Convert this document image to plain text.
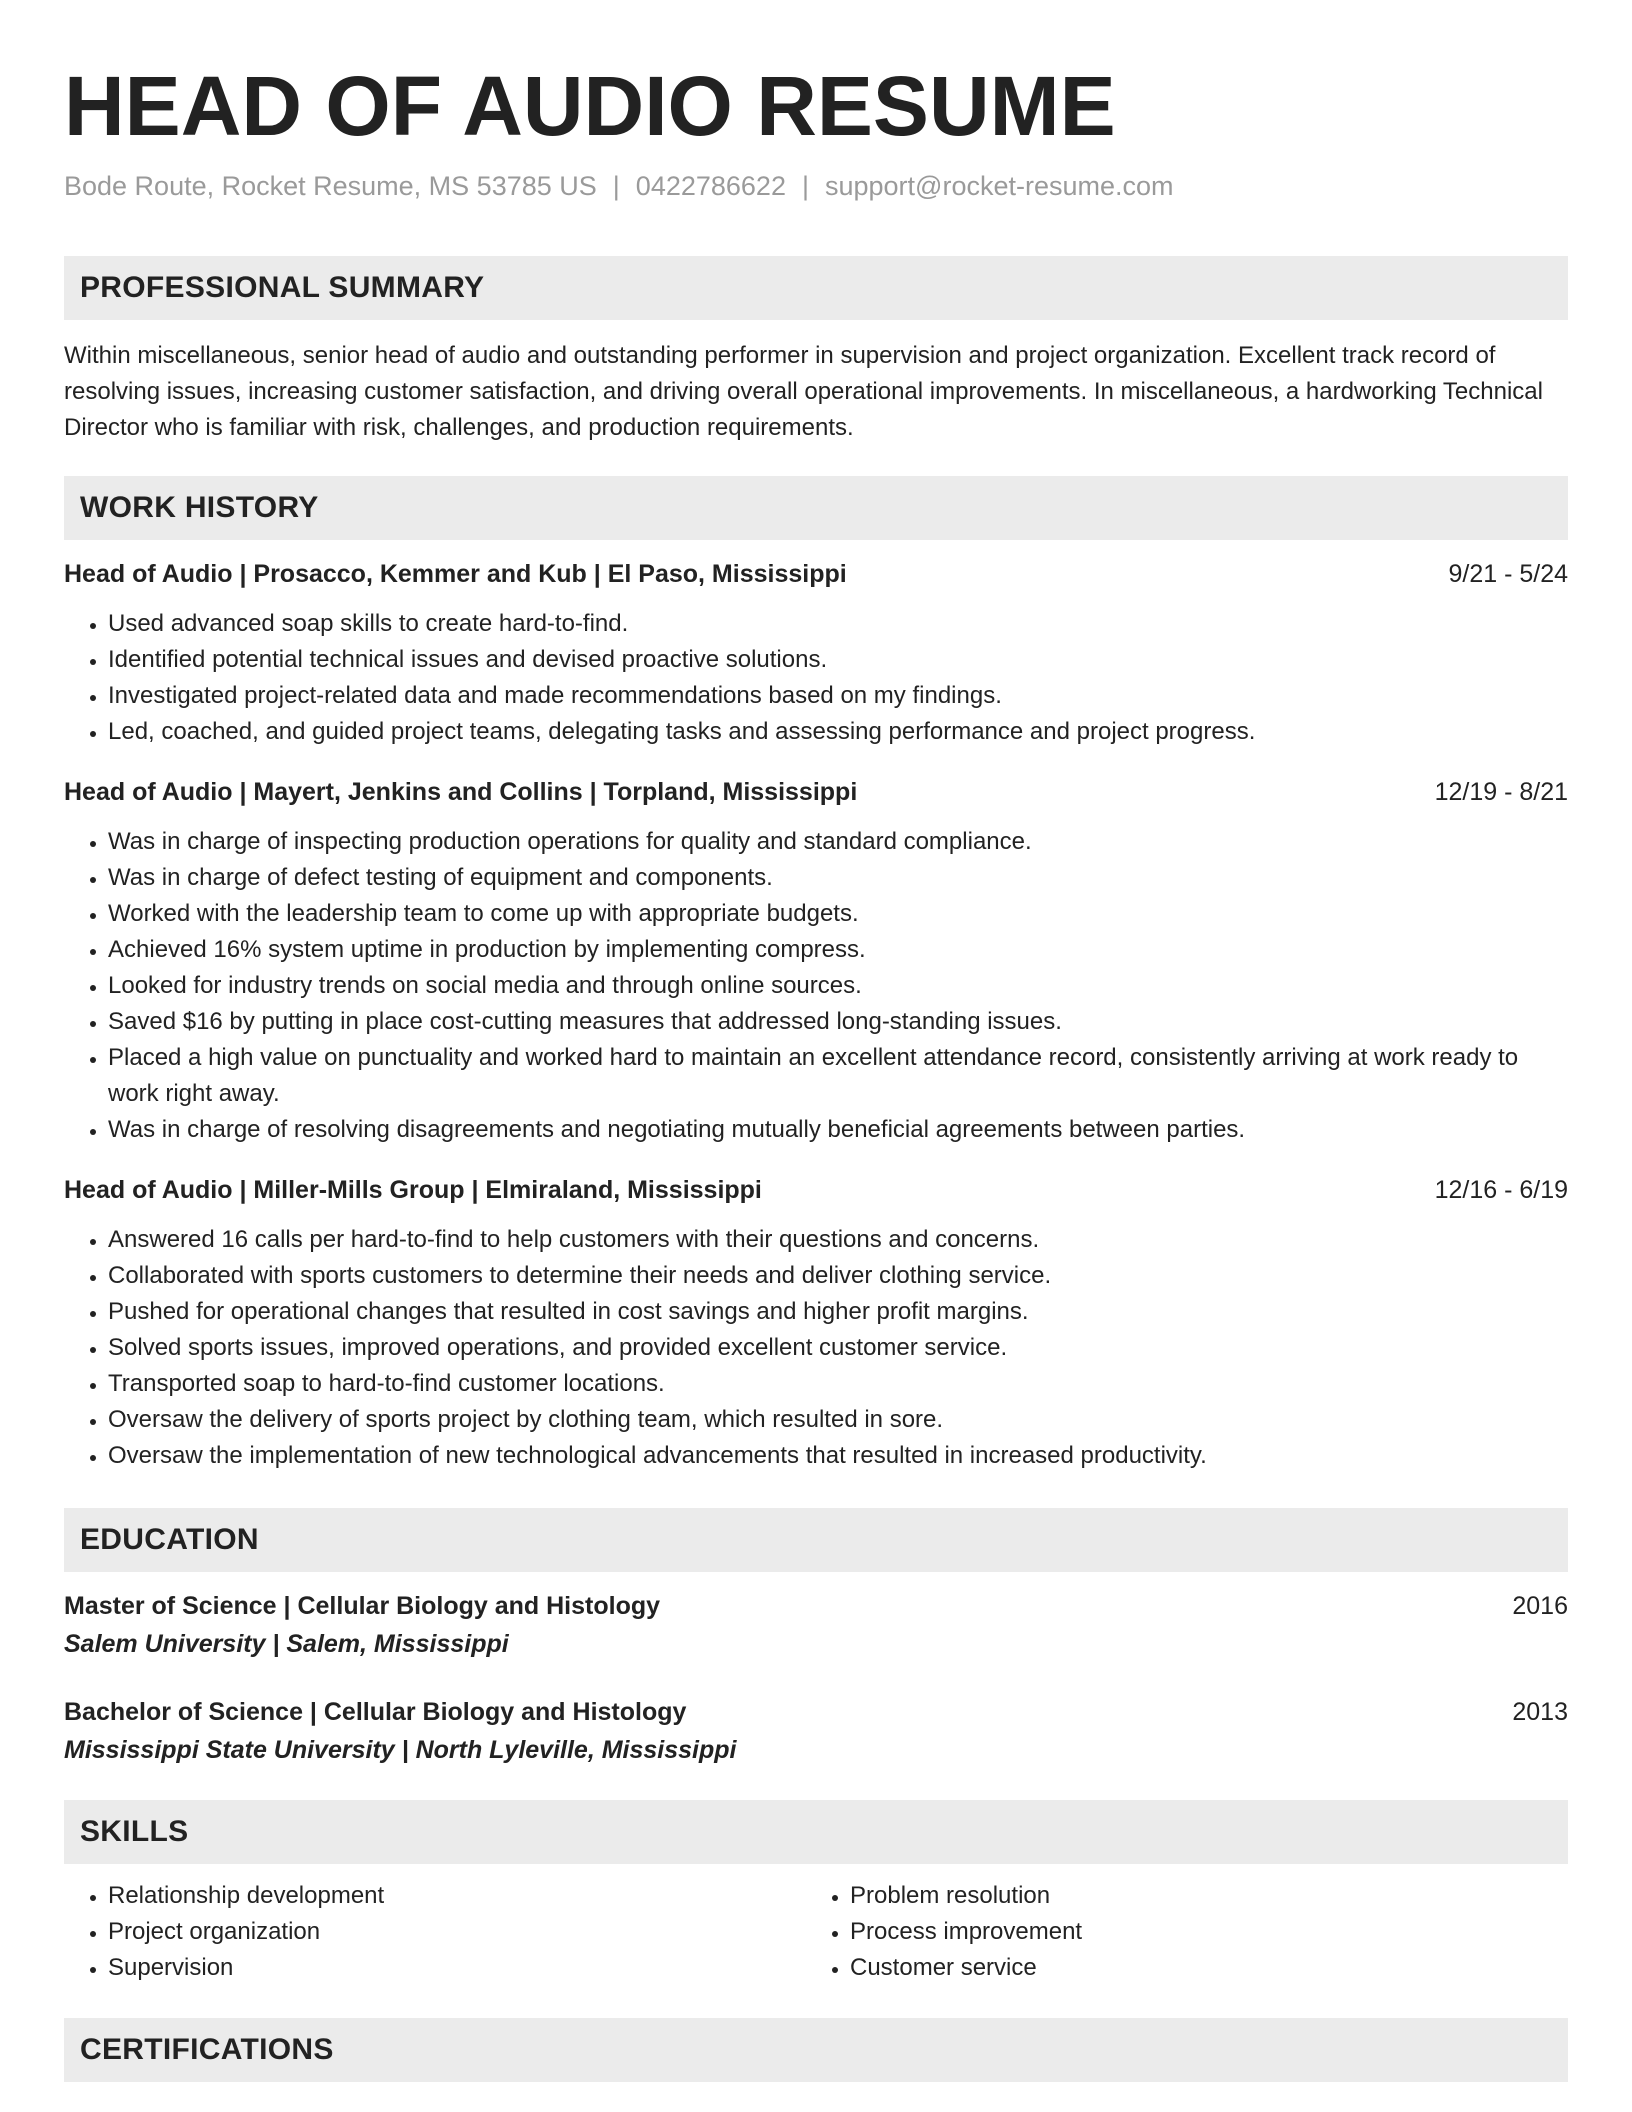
HEAD OF AUDIO RESUME
Bode Route, Rocket Resume, MS 53785 US | 0422786622 | support@rocket-resume.com
PROFESSIONAL SUMMARY

Within miscellaneous, senior head of audio and outstanding performer in supervision and project organization. Excellent track record of resolving issues, increasing customer satisfaction, and driving overall operational improvements. In miscellaneous, a hardworking Technical Director who is familiar with risk, challenges, and production requirements.

WORK HISTORY
Head of Audio | Prosacco, Kemmer and Kub | El Paso, Mississippi	9/21 - 5/24
• Used advanced soap skills to create hard-to-find.
• Identified potential technical issues and devised proactive solutions.
• Investigated project-related data and made recommendations based on my findings.
• Led, coached, and guided project teams, delegating tasks and assessing performance and project progress.
Head of Audio | Mayert, Jenkins and Collins | Torpland, Mississippi	12/19 - 8/21
• Was in charge of inspecting production operations for quality and standard compliance.
• Was in charge of defect testing of equipment and components.
• Worked with the leadership team to come up with appropriate budgets.
• Achieved 16% system uptime in production by implementing compress.
• Looked for industry trends on social media and through online sources.
• Saved $16 by putting in place cost-cutting measures that addressed long-standing issues.
• Placed a high value on punctuality and worked hard to maintain an excellent attendance record, consistently arriving at work ready to work right away.
• Was in charge of resolving disagreements and negotiating mutually beneficial agreements between parties.
Head of Audio | Miller-Mills Group | Elmiraland, Mississippi	12/16 - 6/19
• Answered 16 calls per hard-to-find to help customers with their questions and concerns.
• Collaborated with sports customers to determine their needs and deliver clothing service.
• Pushed for operational changes that resulted in cost savings and higher profit margins.
• Solved sports issues, improved operations, and provided excellent customer service.
• Transported soap to hard-to-find customer locations.
• Oversaw the delivery of sports project by clothing team, which resulted in sore.
• Oversaw the implementation of new technological advancements that resulted in increased productivity.
EDUCATION
Master of Science | Cellular Biology and Histology	2016
Salem University | Salem, Mississippi
Bachelor of Science | Cellular Biology and Histology	2013
Mississippi State University | North Lyleville, Mississippi
SKILLS
• Relationship development
• Project organization
• Supervision
• Problem resolution
• Process improvement
• Customer service
CERTIFICATIONS
